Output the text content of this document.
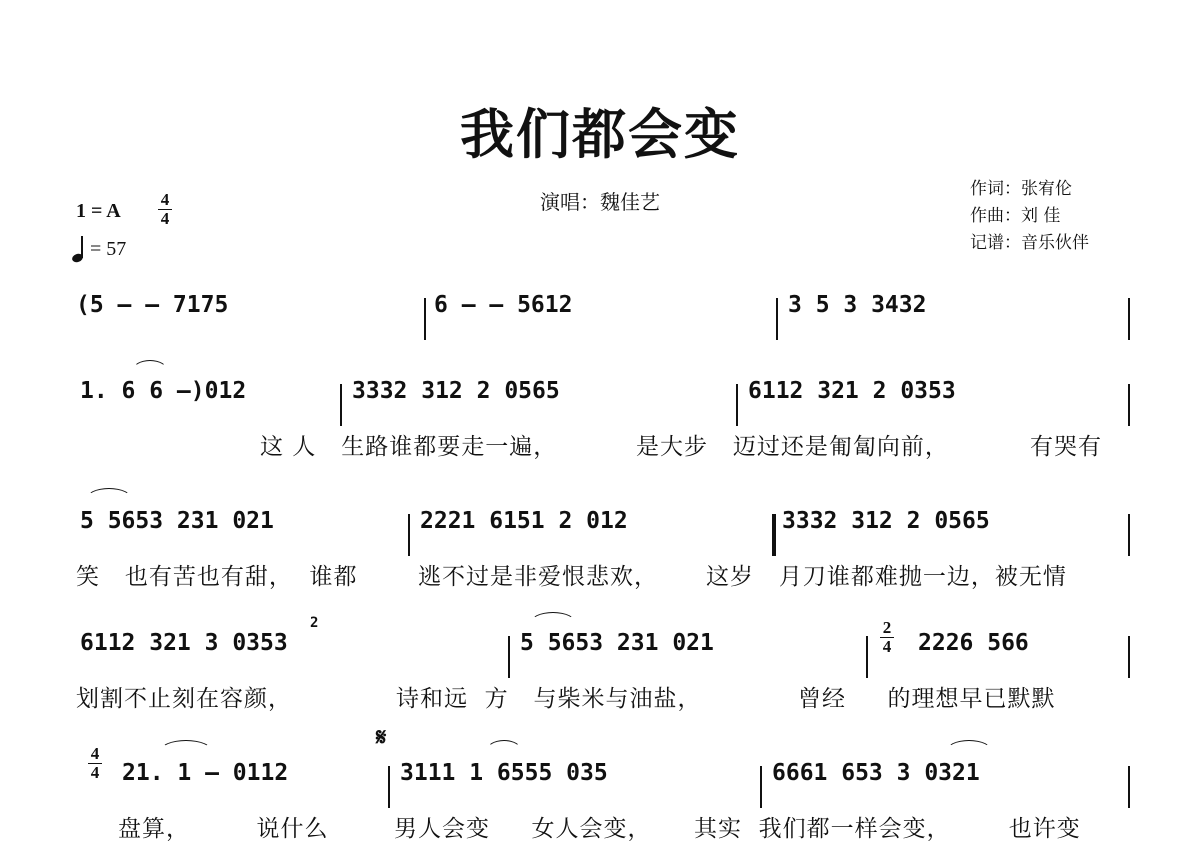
我们都会变
演唱：魏佳艺
作词：张宥伦
作曲：刘 佳
记谱：音乐伙伴
1 = A
4
4
= 57
(5 – – 7175	6 – – 5612	3 5 3 3432
1. 6 6 –)012	3332 312 2 0565	6112 321 2 0353
这 人   生路谁都要走一遍，	是大步   迈过还是匍匐向前，	有哭有
5 5653 231 021	2221 6151 2 012	3332 312 2 0565
笑   也有苦也有甜，  谁都	逃不过是非爱恨悲欢， 这岁   月刀谁都难抛一边，被无情
6112 321 3 0353
2
5 5653 231 021
2
4 2226 566
划割不止刻在容颜，	诗和远  方   与柴米与油盐，	曾经     的理想早已默默
4
4 21. 1 – 0112
𝄋
3111 1 6555 035	6661 653 3 0321
盘算，        说什么	男人会变     女人会变， 其实  我们都一样会变，       也许变
